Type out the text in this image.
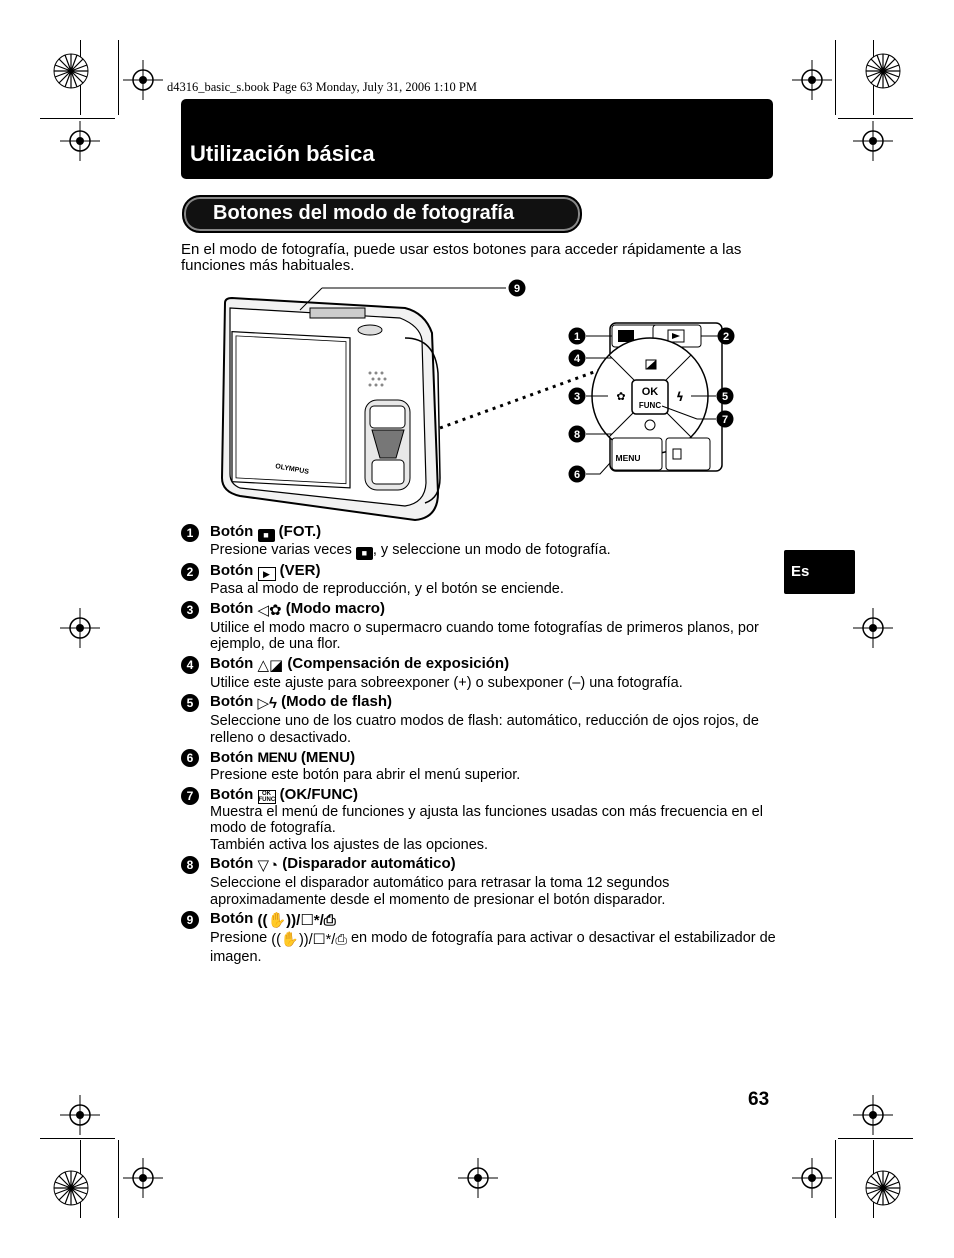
d4316_basic_s.book Page 63 Monday, July 31, 2006 1:10 PM
Utilización básica
Botones del modo de fotografía
En el modo de fotografía, puede usar estos botones para acceder rápidamente a las funciones más habituales.
OLYMPUS
9
OK
FUNC
✿	ϟ
MENU
1	2
4
3	5
7
8
6
1	Botón ■ (FOT.)
Presione varias veces ■ , y seleccione un modo de fotografía.
2	Botón ▶ (VER)
Pasa al modo de reproducción, y el botón se enciende.
3	Botón ◁✿ (Modo macro)
Utilice el modo macro o supermacro cuando tome fotografías de primeros planos, por ejemplo, de una flor.
4	Botón △◪ (Compensación de exposición)
Utilice este ajuste para sobreexponer (+) o subexponer (–) una fotografía.
5	Botón ▷ϟ (Modo de flash)
Seleccione uno de los cuatro modos de flash: automático, reducción de ojos rojos, de relleno o desactivado.
6	Botón MENU (MENU)
Presione este botón para abrir el menú superior.
7	Botón OK
FUNC (OK/FUNC)
Muestra el menú de funciones y ajusta las funciones usadas con más frecuencia en el modo de fotografía.
También activa los ajustes de las opciones.
8	Botón ▽◔ (Disparador automático)
Seleccione el disparador automático para retrasar la toma 12 segundos aproximadamente desde el momento de presionar el botón disparador.
9	Botón ((✋))/☐*/⎙
Presione ((✋))/☐*/⎙ en modo de fotografía para activar o desactivar el estabilizador de imagen.
Es
63
